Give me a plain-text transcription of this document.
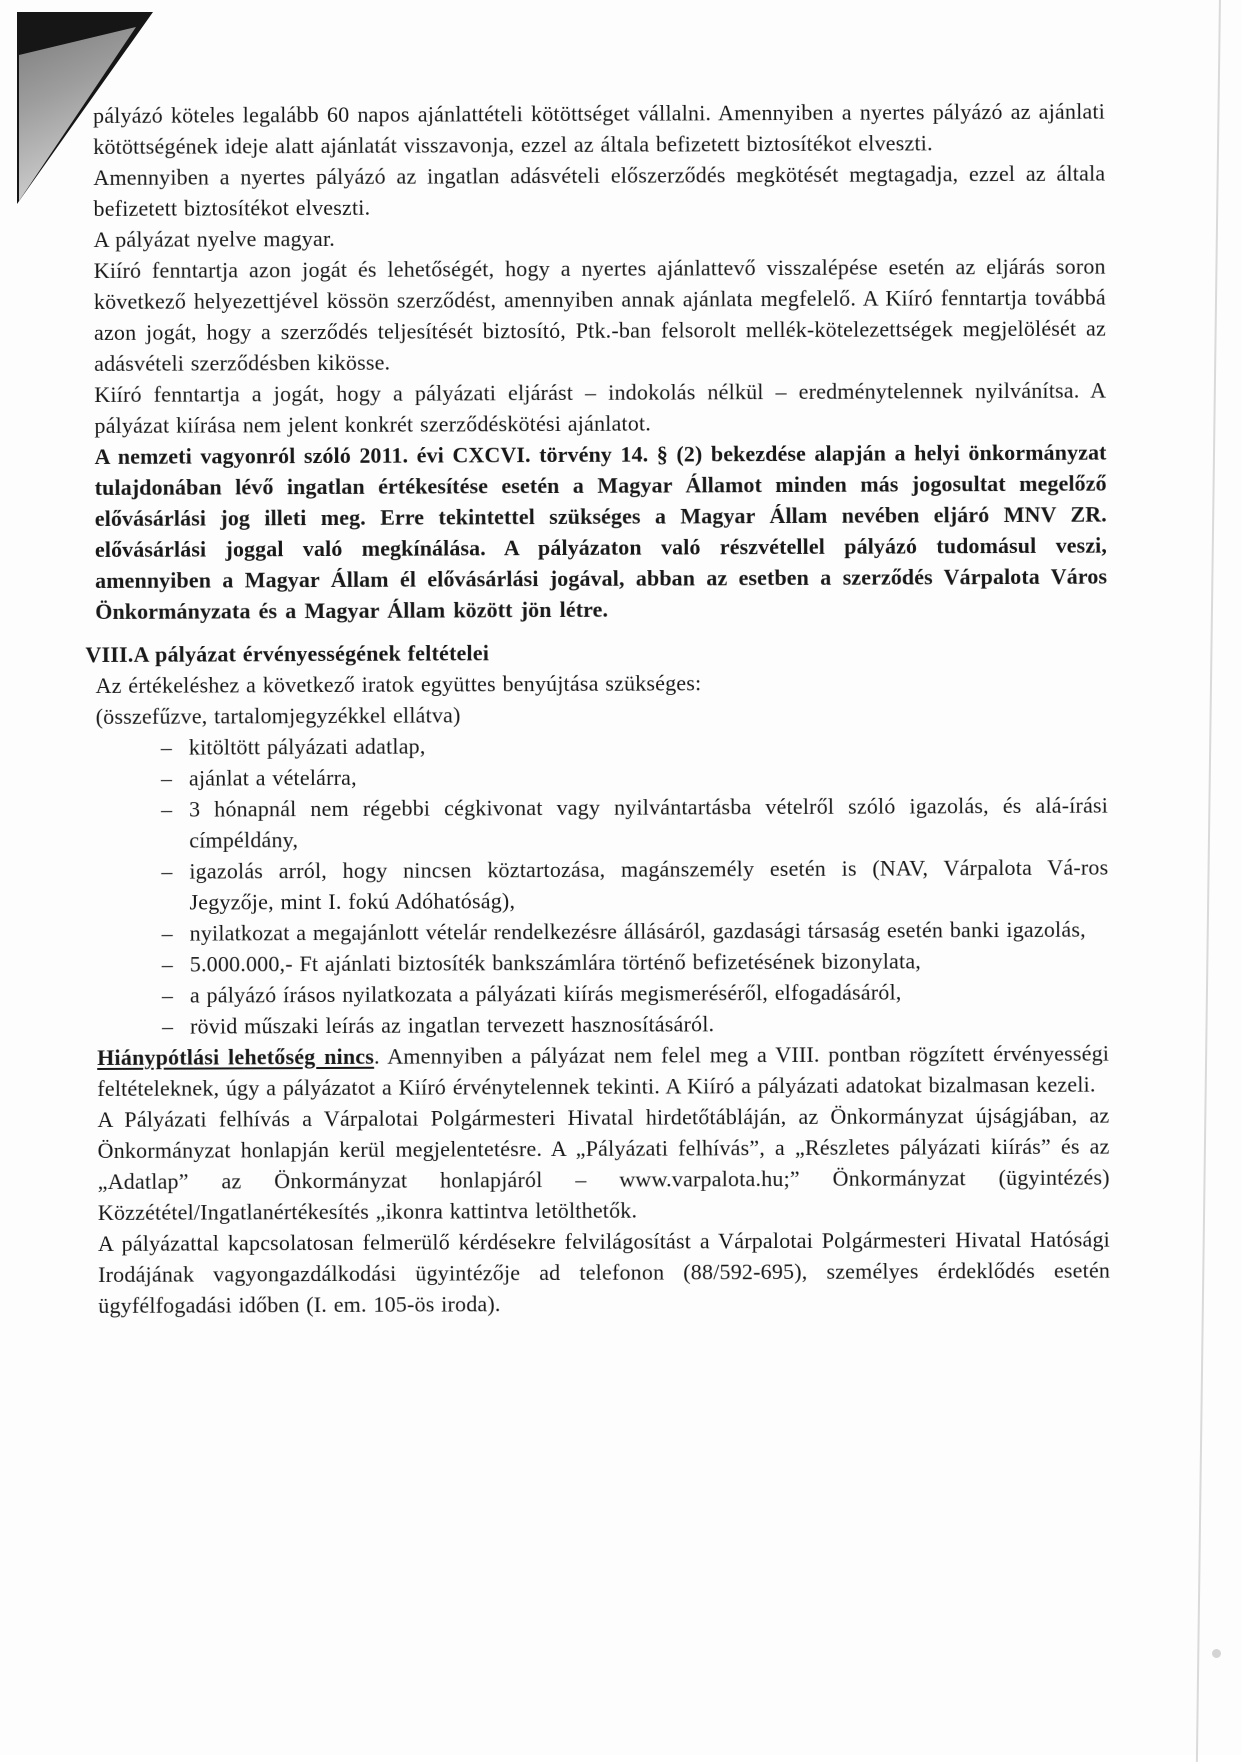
pályázó köteles legalább 60 napos ajánlattételi kötöttséget vállalni. Amennyiben a nyertes pályázó az ajánlati kötöttségének ideje alatt ajánlatát visszavonja, ezzel az általa befizetett biztosítékot elveszti.

Amennyiben a nyertes pályázó az ingatlan adásvételi előszerződés megkötését megtagadja, ezzel az általa befizetett biztosítékot elveszti.

A pályázat nyelve magyar.

Kiíró fenntartja azon jogát és lehetőségét, hogy a nyertes ajánlattevő visszalépése esetén az eljárás soron következő helyezettjével kössön szerződést, amennyiben annak ajánlata megfelelő. A Kiíró fenntartja továbbá azon jogát, hogy a szerződés teljesítését biztosító, Ptk.-ban felsorolt mellék-kötelezettségek megjelölését az adásvételi szerződésben kikösse.

Kiíró fenntartja a jogát, hogy a pályázati eljárást – indokolás nélkül – eredménytelennek nyilvánítsa. A pályázat kiírása nem jelent konkrét szerződéskötési ajánlatot.

A nemzeti vagyonról szóló 2011. évi CXCVI. törvény 14. § (2) bekezdése alapján a helyi önkormányzat tulajdonában lévő ingatlan értékesítése esetén a Magyar Államot minden más jogosultat megelőző elővásárlási jog illeti meg. Erre tekintettel szükséges a Magyar Állam nevében eljáró MNV ZR. elővásárlási joggal való megkínálása. A pályázaton való részvétellel pályázó tudomásul veszi, amennyiben a Magyar Állam él elővásárlási jogával, abban az esetben a szerződés Várpalota Város Önkormányzata és a Magyar Állam között jön létre.

VIII. A pályázat érvényességének feltételei

Az értékeléshez a következő iratok együttes benyújtása szükséges:

(összefűzve, tartalomjegyzékkel ellátva)

– kitöltött pályázati adatlap,
– ajánlat a vételárra,
– 3 hónapnál nem régebbi cégkivonat vagy nyilvántartásba vételről szóló igazolás, és alá-írási címpéldány,
– igazolás arról, hogy nincsen köztartozása, magánszemély esetén is (NAV, Várpalota Vá-ros Jegyzője, mint I. fokú Adóhatóság),
– nyilatkozat a megajánlott vételár rendelkezésre állásáról, gazdasági társaság esetén banki igazolás,
– 5.000.000,- Ft ajánlati biztosíték bankszámlára történő befizetésének bizonylata,
– a pályázó írásos nyilatkozata a pályázati kiírás megismeréséről, elfogadásáról,
– rövid műszaki leírás az ingatlan tervezett hasznosításáról.

Hiánypótlási lehetőség nincs. Amennyiben a pályázat nem felel meg a VIII. pontban rögzített érvényességi feltételeknek, úgy a pályázatot a Kiíró érvénytelennek tekinti. A Kiíró a pályázati adatokat bizalmasan kezeli.

A Pályázati felhívás a Várpalotai Polgármesteri Hivatal hirdetőtábláján, az Önkormányzat újságjában, az Önkormányzat honlapján kerül megjelentetésre. A „Pályázati felhívás”, a „Részletes pályázati kiírás” és az „Adatlap” az Önkormányzat honlapjáról – www.varpalota.hu;” Önkormányzat (ügyintézés) Közzététel/Ingatlanértékesítés „ikonra kattintva letölthetők.

A pályázattal kapcsolatosan felmerülő kérdésekre felvilágosítást a Várpalotai Polgármesteri Hivatal Hatósági Irodájának vagyongazdálkodási ügyintézője ad telefonon (88/592-695), személyes érdeklődés esetén ügyfélfogadási időben (I. em. 105-ös iroda).
